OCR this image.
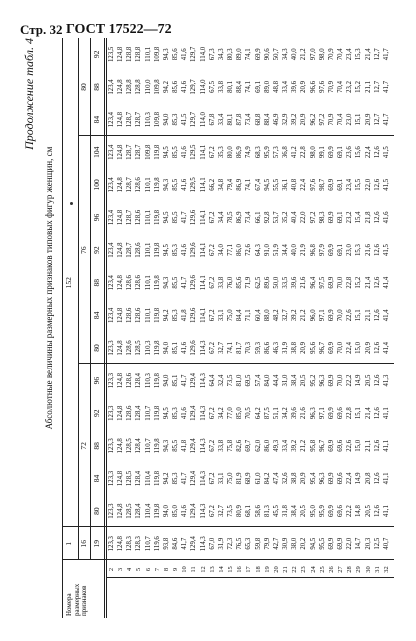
Стр. 32 ГОСТ 17522—72
Продолжение табл. 4
Абсолютные величины размерных признаков типовых фигур женщин, см
1
152
16
72
76
80
19
80
84
88
92
96
80
84
88
92
96
100
104
84
88
92
Номера размерных признаков
2 3 4 5 6 7 8 9 10 11 12 13 14 15 16 17 18 19 20 21 22 23 24 25 26 27 28 29 30 31 32
123,3
123,3
123,3
123,3
123,3
123,3
123,3
123,4
123,4
123,4
123,4
123,4
123,4
123,4
123,4
123,5
124,8
124,8
124,8
124,8
124,8
124,8
124,8
124,8
124,8
124,8
124,8
124,8
124,8
124,8
124,8
124,8
128,3
128,5
128,5
128,5
128,6
128,6
128,6
128,6
128,6
128,7
128,7
128,7
128,7
128,7
128,8
128,8
128,3
128,4
128,4
128,4
128,4
128,4
128,5
128,6
128,6
128,6
128,6
128,6
128,7
128,7
128,8
128,8
110,7
110,4
110,4
110,7
110,7
110,3
110,3
110,1
110,1
110,1
110,1
110,1
109,8
110,3
110,0
110,1
119,6
119,8
119,8
119,8
119,8
119,8
119,8
119,8
119,8
119,8
119,8
119,8
119,8
109,8
109,8
109,8
93,8
94,0
94,2
94,3
94,5
94,0
94,0
94,2
94,3
94,5
94,5
94,3
94,5
94,0
94,2
94,3
84,6
85,0
85,3
85,5
85,3
85,1
85,1
85,3
85,5
85,3
85,5
85,5
85,5
85,3
85,6
85,6
41,7
41,6
41,7
41,8
41,6
41,7
41,6
41,8
41,7
41,6
41,7
41,6
41,6
41,5
41,6
41,6
129,4
129,4
129,4
129,4
129,4
129,4
129,6
129,6
129,6
129,6
129,6
129,5
129,5
129,7
129,7
129,7
114,3
114,3
114,3
114,3
114,3
114,3
114,3
114,1
114,1
114,1
114,1
114,1
114,1
114,0
114,0
114,0
67,0
67,2
67,2
67,2
67,2
64,4
67,2
67,2
67,2
67,2
67,2
66,2
67,2
67,8
67,5
67,3
31,9
32,7
33,1
33,8
34,2
32,4
32,7
33,1
33,8
34,0
34,4
34,8
35,3
33,4
33,8
34,3
72,3
73,5
75,0
75,8
77,0
73,5
74,1
75,0
76,0
77,1
78,5
79,4
80,0
80,1
80,1
80,3
76,5
80,9
81,9
82,6
85,0
81,0
81,7
84,4
85,6
86,0
86,9
86,9
86,9
87,8
88,4
89,0
65,3
68,1
68,9
69,7
70,5
69,5
70,3
71,1
71,9
72,6
73,4
74,1
74,9
73,4
74,1
74,1
59,8
58,6
61,0
62,0
64,2
57,4
59,3
60,4
62,5
64,3
66,1
67,4
68,3
68,8
69,1
69,9
79,9
81,3
84,2
86,0
87,5
84,0
86,6
88,0
89,6
91,0
92,8
94,5
95,9
88,4
89,0
90,6
42,7
45,5
47,4
49,3
51,1
44,4
46,3
48,2
50,0
51,9
53,7
55,5
57,3
46,9
48,8
50,7
30,9
31,8
32,6
33,4
34,2
31,0
31,9
32,7
33,5
34,4
35,2
36,1
36,8
32,9
33,4
34,3
38,0
38,4
38,8
39,2
39,6
38,4
38,8
39,2
39,6
40,0
40,4
40,8
41,2
39,2
39,6
40,0
20,2
20,5
20,9
21,2
21,6
20,5
20,9
21,2
21,6
21,9
22,0
22,4
22,8
20,9
20,9
21,2
94,5
95,0
95,4
95,8
96,3
95,2
95,6
96,0
96,4
96,8
97,2
97,6
98,0
96,2
96,6
97,0
95,5
95,9
96,3
96,7
97,1
96,3
96,7
97,1
97,5
97,9
98,3
98,7
99,1
97,2
97,6
98,0
69,9
69,9
69,9
69,9
69,9
69,9
69,9
69,9
69,9
69,9
69,9
69,9
69,9
70,9
70,9
70,9
69,9
69,6
69,6
69,6
69,6
70,0
70,0
70,0
70,0
69,1
69,1
69,1
69,1
70,4
70,4
70,4
22,0
22,2
22,4
22,6
22,8
22,2
22,4
22,6
22,8
23,0
23,2
23,4
23,6
23,0
23,2
23,4
14,7
14,8
14,9
15,0
15,1
14,9
15,0
15,1
15,2
15,3
15,4
15,5
15,6
15,1
15,2
15,3
20,3
20,5
20,8
21,1
21,4
20,5
20,9
21,1
21,4
21,6
21,8
22,0
22,4
20,9
21,1
21,4
12,5
12,6
12,6
12,6
12,6
12,6
12,6
12,6
12,6
12,6
12,6
12,6
12,6
12,7
12,7
12,7
40,7
41,1
41,1
41,1
41,1
41,3
41,4
41,4
41,4
41,5
41,6
41,5
41,5
41,7
41,7
41,7
